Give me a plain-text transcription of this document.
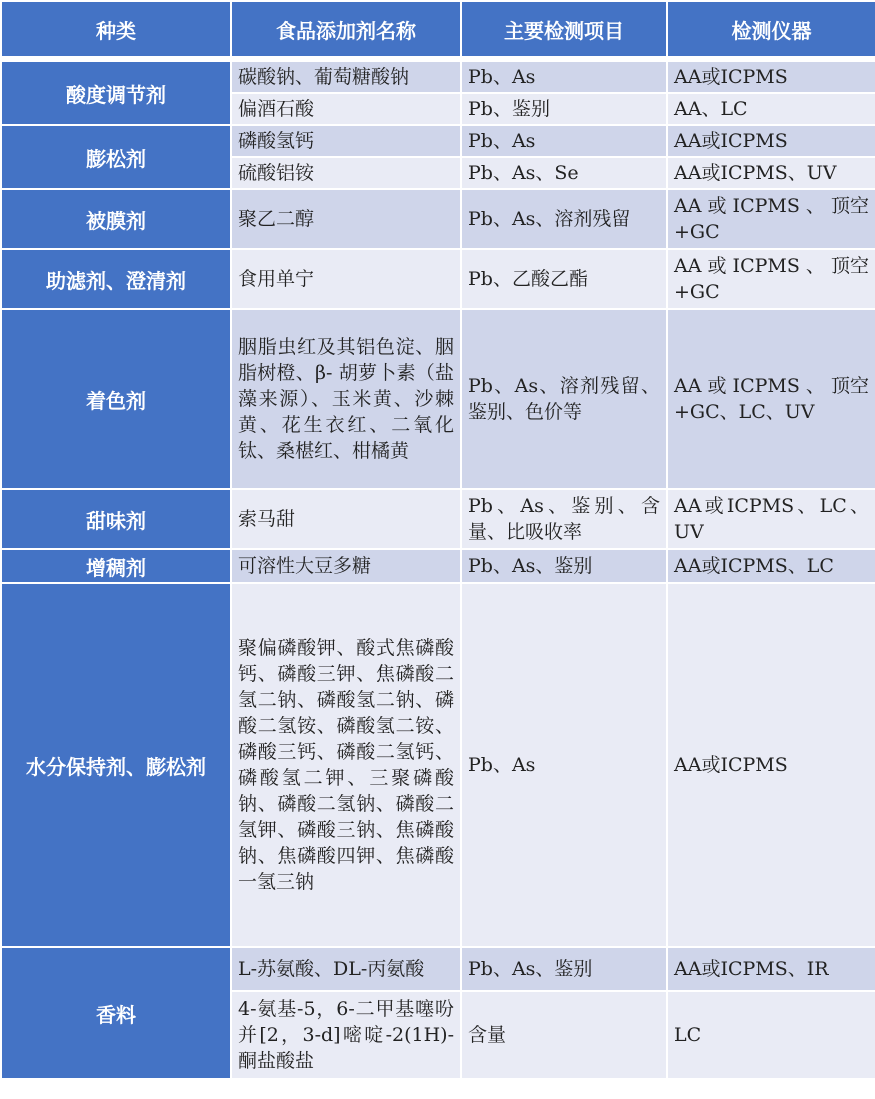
种类	食品添加剂名称	主要检测项目	检测仪器

酸度调节剂	碳酸钠、葡萄糖酸钠	Pb、As	AA或ICPMS
	偏酒石酸	Pb、鉴别	AA、LC
膨松剂	磷酸氢钙	Pb、As	AA或ICPMS
	硫酸铝铵	Pb、As、Se	AA或ICPMS、UV
被膜剂	聚乙二醇	Pb、As、溶剂残留	AA 或 ICPMS 、 顶空+GC
助滤剂、澄清剂	食用单宁	Pb、乙酸乙酯	AA 或 ICPMS 、 顶空+GC
着色剂	胭脂虫红及其铝色淀、胭脂树橙、β- 胡萝卜素（盐藻来源）、玉米黄、沙棘黄、花生衣红、二氧化钛、桑椹红、柑橘黄	Pb、As、溶剂残留、鉴别、色价等	AA 或 ICPMS 、 顶空+GC、LC、UV
甜味剂	索马甜	Pb、As、鉴别、含量、比吸收率	AA或ICPMS、LC、UV
增稠剂	可溶性大豆多糖	Pb、As、鉴别	AA或ICPMS、LC
水分保持剂、膨松剂	聚偏磷酸钾、酸式焦磷酸钙、磷酸三钾、焦磷酸二氢二钠、磷酸氢二钠、磷酸二氢铵、磷酸氢二铵、磷酸三钙、磷酸二氢钙、磷酸氢二钾、三聚磷酸钠、磷酸二氢钠、磷酸二氢钾、磷酸三钠、焦磷酸钠、焦磷酸四钾、焦磷酸一氢三钠	Pb、As	AA或ICPMS
香料	L-苏氨酸、DL-丙氨酸	Pb、As、鉴别	AA或ICPMS、IR
	4-氨基-5，6-二甲基噻吩并[2，3-d]嘧啶-2(1H)-酮盐酸盐	含量	LC
